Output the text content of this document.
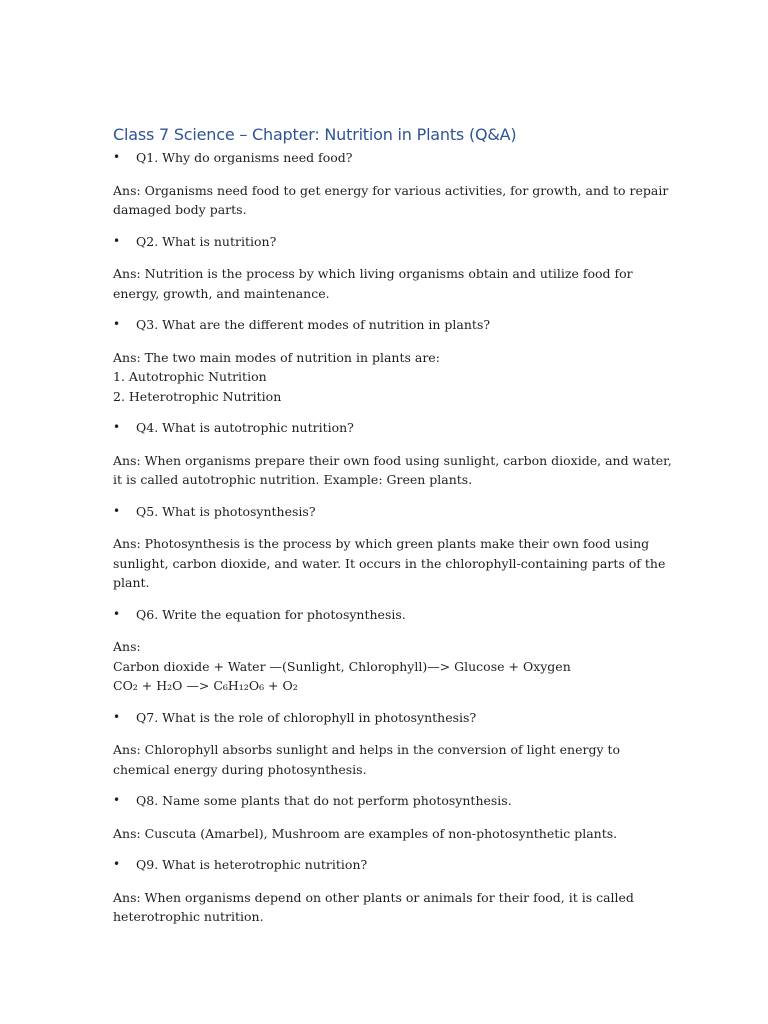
Class 7 Science – Chapter: Nutrition in Plants (Q&A)
• Q1. Why do organisms need food?
Ans: Organisms need food to get energy for various activities, for growth, and to repair damaged body parts.
• Q2. What is nutrition?
Ans: Nutrition is the process by which living organisms obtain and utilize food for energy, growth, and maintenance.
• Q3. What are the different modes of nutrition in plants?
Ans: The two main modes of nutrition in plants are:
1. Autotrophic Nutrition
2. Heterotrophic Nutrition
• Q4. What is autotrophic nutrition?
Ans: When organisms prepare their own food using sunlight, carbon dioxide, and water, it is called autotrophic nutrition. Example: Green plants.
• Q5. What is photosynthesis?
Ans: Photosynthesis is the process by which green plants make their own food using sunlight, carbon dioxide, and water. It occurs in the chlorophyll-containing parts of the plant.
• Q6. Write the equation for photosynthesis.
Ans:
Carbon dioxide + Water —(Sunlight, Chlorophyll)—> Glucose + Oxygen
CO₂ + H₂O —> C₆H₁₂O₆ + O₂
• Q7. What is the role of chlorophyll in photosynthesis?
Ans: Chlorophyll absorbs sunlight and helps in the conversion of light energy to chemical energy during photosynthesis.
• Q8. Name some plants that do not perform photosynthesis.
Ans: Cuscuta (Amarbel), Mushroom are examples of non-photosynthetic plants.
• Q9. What is heterotrophic nutrition?
Ans: When organisms depend on other plants or animals for their food, it is called heterotrophic nutrition.
